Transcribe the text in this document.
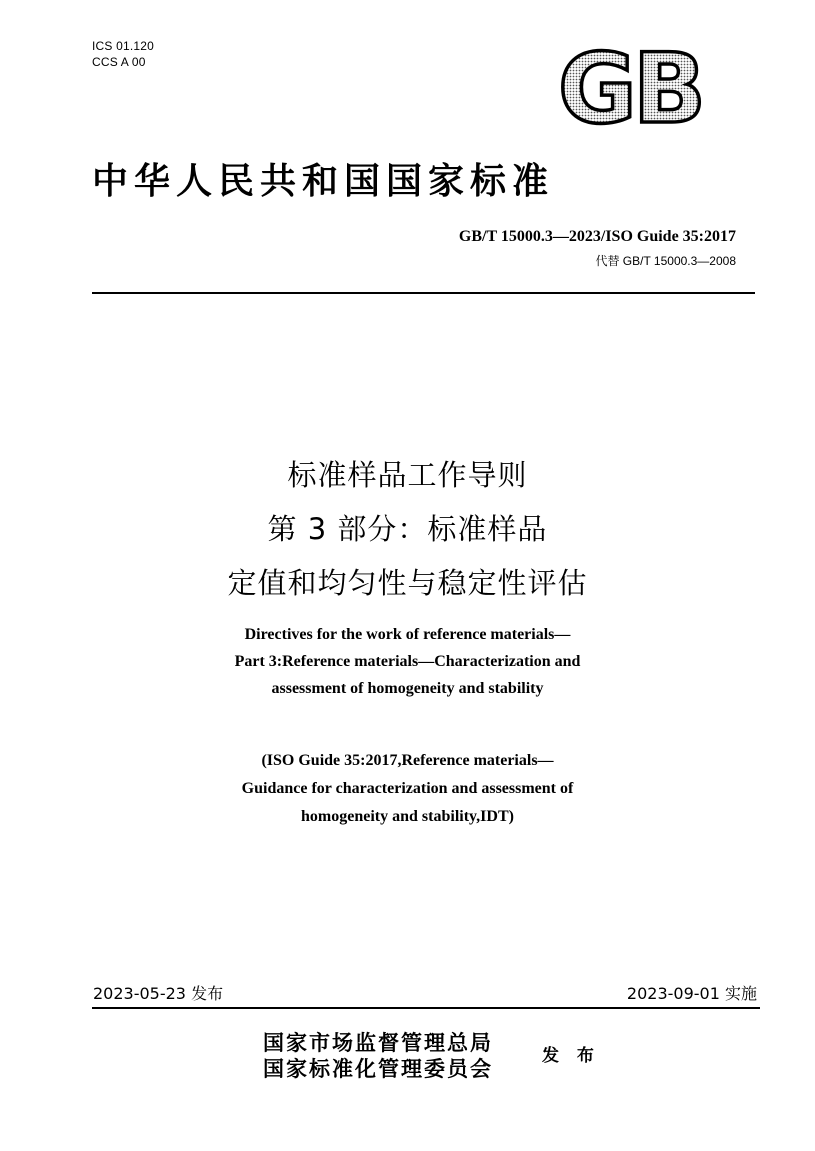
ICS 01.120
CCS A 00	GB
中华人民共和国国家标准
GB/T 15000.3—2023/ISO Guide 35:2017
代替 GB/T 15000.3—2008
标准样品工作导则
第 3 部分：标准样品
定值和均匀性与稳定性评估
Directives for the work of reference materials—
Part 3:Reference materials—Characterization and
assessment of homogeneity and stability
(ISO Guide 35:2017,Reference materials—
Guidance for characterization and assessment of
homogeneity and stability,IDT)
2023-05-23 发布	2023-09-01 实施
国家市场监督管理总局
国家标准化管理委员会
发 布
